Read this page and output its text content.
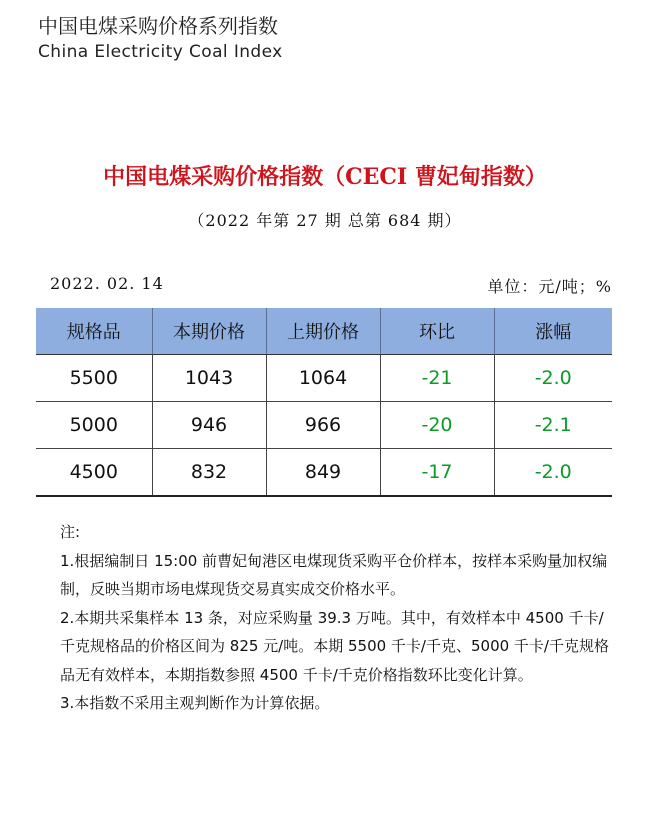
中国电煤采购价格系列指数
China Electricity Coal Index
中国电煤采购价格指数（CECI 曹妃甸指数）
（2022 年第 27 期 总第 684 期）
2022. 02. 14	单位：元/吨；%
规格品	本期价格	上期价格	环比	涨幅
5500	1043	1064	-21	-2.0
5000	946	966	-20	-2.1
4500	832	849	-17	-2.0

注:

1.根据编制日 15:00 前曹妃甸港区电煤现货采购平仓价样本，按样本采购量加权编制，反映当期市场电煤现货交易真实成交价格水平。

2.本期共采集样本 13 条，对应采购量 39.3 万吨。其中，有效样本中 4500 千卡/千克规格品的价格区间为 825 元/吨。本期 5500 千卡/千克、5000 千卡/千克规格品无有效样本，本期指数参照 4500 千卡/千克价格指数环比变化计算。

3.本指数不采用主观判断作为计算依据。
